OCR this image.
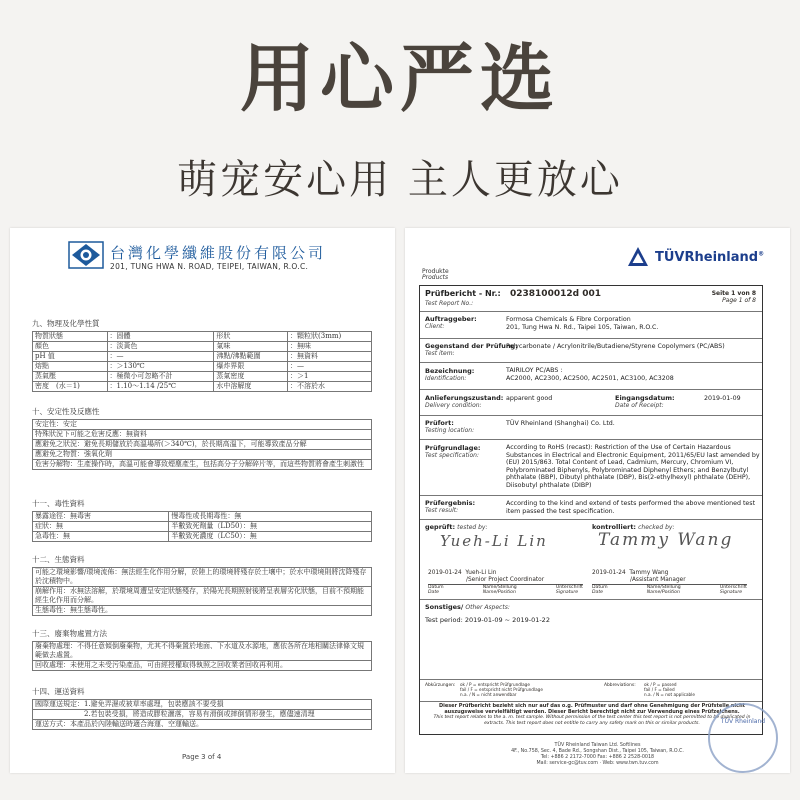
用心严选
萌宠安心用 主人更放心
台灣化學纖維股份有限公司
201, TUNG HWA N. ROAD, TEIPEI, TAIWAN, R.O.C.
九、物理及化學性質
物質狀態	：固體	形狀	：顆粒狀(3mm)
顏色	：淡黃色	氣味	：無味
pH 值	：—	沸點/沸點範圍	：無資料
熔點	：＞130℃	爆炸界限	：—
蒸氣壓	：極微小可忽略不計	蒸氣密度	：＞1
密度　(水＝1)	：1.10～1.14 /25℃	水中溶解度	：不溶於水
十、安定性及反應性
安定性：安定
特殊狀況下可能之危害反應：無資料
應避免之狀況：避免長期儲放於高溫場所(＞340℃)，於長期高溫下，可能導致產品分解
應避免之物質：強氧化劑
危害分解物：生產操作時，高溫可能會導致煙塵產生，包括高分子分解碎片等，而這些物質將會產生刺激性
十一、毒性資料
暴露途徑：無毒害	慢毒性或長期毒性：無
症狀：無	半數致死劑量（LD50）：無
急毒性：無	半數致死濃度（LC50）：無
十二、生態資料
可能之環境影響/環境流佈：無法經生化作用分解，於陸上的環境將殘存於土壤中；於水中環境則將沈降殘存於沈積物中。
崩解作用：水無法溶解，於環境周遭呈安定狀態殘存，於陽光長期照射後將呈表層劣化狀態，目前不預期能經生化作用而分解。
生態毒性：無生態毒性。
十三、廢棄物處置方法
廢棄物處理：不得任意傾倒廢棄物，尤其不得棄置於地面、下水道及水源地，應依各所在地相關法律條文規範做去處置。
回收處理：未使用之未受污染產品，可由經授權取得執照之回收業者回收再利用。
十四、運送資料
國際運送規定：1.避免弄濕或被草率處理，包裝應該不要受損
　　　　　　　2.若包裝受損，將造成膠粒灑落，容易有滑倒或摔倒情形發生，應儘速清理
運送方式：本產品於內陸輸送時適合海運、空運輸送。
Page 3 of 4
TÜVRheinland®
Produkte
Products
Prüfbericht - Nr.:
Test Report No.:
0238100012d 001	Seite 1 von 8
Page 1 of 8
Auftraggeber:
Client:
Formosa Chemicals & Fibre Corporation
201, Tung Hwa N. Rd., Taipei 105, Taiwan, R.O.C.
Gegenstand der Prüfung:
Test item:
Polycarbonate / Acrylonitrile/Butadiene/Styrene Copolymers (PC/ABS)
Bezeichnung:
Identification:
TAIRILOY PC/ABS :
AC2000, AC2300, AC2500, AC2501, AC3100, AC3208
Anlieferungszustand:
Delivery condition:
apparent good	Eingangsdatum:
Date of Receipt:
2019-01-09
Prüfort:
Testing location:
TÜV Rheinland (Shanghai) Co. Ltd.
Prüfgrundlage:
Test specification:
According to RoHS (recast): Restriction of the Use of Certain Hazardous Substances in Electrical and Electronic Equipment, 2011/65/EU last amended by (EU) 2015/863. Total Content of Lead, Cadmium, Mercury, Chromium VI, Polybrominated Biphenyls, Polybrominated Diphenyl Ethers; and Benzylbutyl phthalate (BBP), Dibutyl phthalate (DBP), Bis(2-ethylhexyl) phthalate (DEHP), Diisobutyl phthalate (DIBP)
Prüfergebnis:
Test result:
According to the kind and extend of tests performed the above mentioned test item passed the test specification.
geprüft: tested by:	kontrolliert: checked by:
Yueh-Li Lin	Tammy Wang
2019-01-24 Yueh-Li Lin
/Senior Project Coordinator
2019-01-24 Tammy Wang
/Assistant Manager
Datum
Date
Name/Stellung
Name/Position
Unterschrift
Signature
Datum
Date
Name/Stellung
Name/Position
Unterschrift
Signature
Sonstiges/ Other Aspects:
Test period: 2019-01-09 ~ 2019-01-22
Abkürzungen: ok / P = entspricht Prüfgrundlage
fail / F = entspricht nicht Prüfgrundlage
n.a. / N = nicht anwendbar
Abbreviations: ok / P = passed
fail / F = failed
n.a. / N = not applicable
Dieser Prüfbericht bezieht sich nur auf das o.g. Prüfmuster und darf ohne Genehmigung der Prüfstelle nicht auszugsweise vervielfältigt werden. Dieser Bericht berechtigt nicht zur Verwendung eines Prüfzeichens.
This test report relates to the a. m. test sample. Without permission of the test center this test report is not permitted to be duplicated in extracts. This test report does not entitle to carry any safety mark on this or similar products.
TÜV Rheinland Taiwan Ltd. Softlines
4F., No.758, Sec. 4, Bade Rd., Songshan Dist., Taipei 105, Taiwan, R.O.C.
Tel: +886 2 2172-7000 Fax: +886 2 2528-0018
Mail: service-gc@tuv.com · Web: www.twn.tuv.com
TÜV Rheinland
